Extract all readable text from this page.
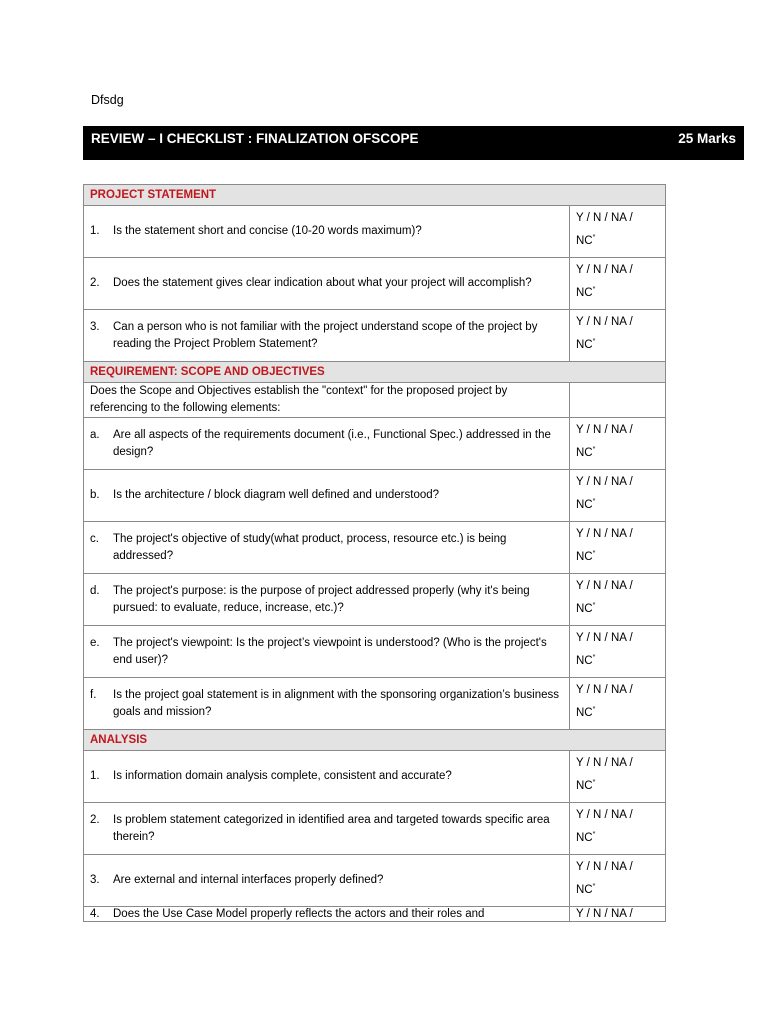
Dfsdg
REVIEW – I CHECKLIST : FINALIZATION OFSCOPE	25 Marks
PROJECT STATEMENT	

1. Is the statement short and concise (10-20 words maximum)?	Y / N / NA /
NC*

2. Does the statement gives clear indication about what your project will accomplish?	Y / N / NA /
NC*

3. Can a person who is not familiar with the project understand scope of the project by reading the Project Problem Statement?	Y / N / NA /
NC*
REQUIREMENT: SCOPE AND OBJECTIVES	
Does the Scope and Objectives establish the "context" for the proposed project by referencing to the following elements:	

a. Are all aspects of the requirements document (i.e., Functional Spec.) addressed in the design?	Y / N / NA /
NC*

b. Is the architecture / block diagram well defined and understood?	Y / N / NA /
NC*

c. The project's objective of study(what product, process, resource etc.) is being addressed?	Y / N / NA /
NC*

d. The project's purpose: is the purpose of project addressed properly (why it's being pursued: to evaluate, reduce, increase, etc.)?	Y / N / NA /
NC*

e. The project's viewpoint: Is the project’s viewpoint is understood? (Who is the project's end user)?	Y / N / NA /
NC*

f. Is the project goal statement is in alignment with the sponsoring organization’s business goals and mission?	Y / N / NA /
NC*
ANALYSIS	

1. Is information domain analysis complete, consistent and accurate?	Y / N / NA /
NC*

2. Is problem statement categorized in identified area and targeted towards specific area therein?	Y / N / NA /
NC*

3. Are external and internal interfaces properly defined?	Y / N / NA /
NC*

4. Does the Use Case Model properly reflects the actors and their roles and	Y / N / NA /
